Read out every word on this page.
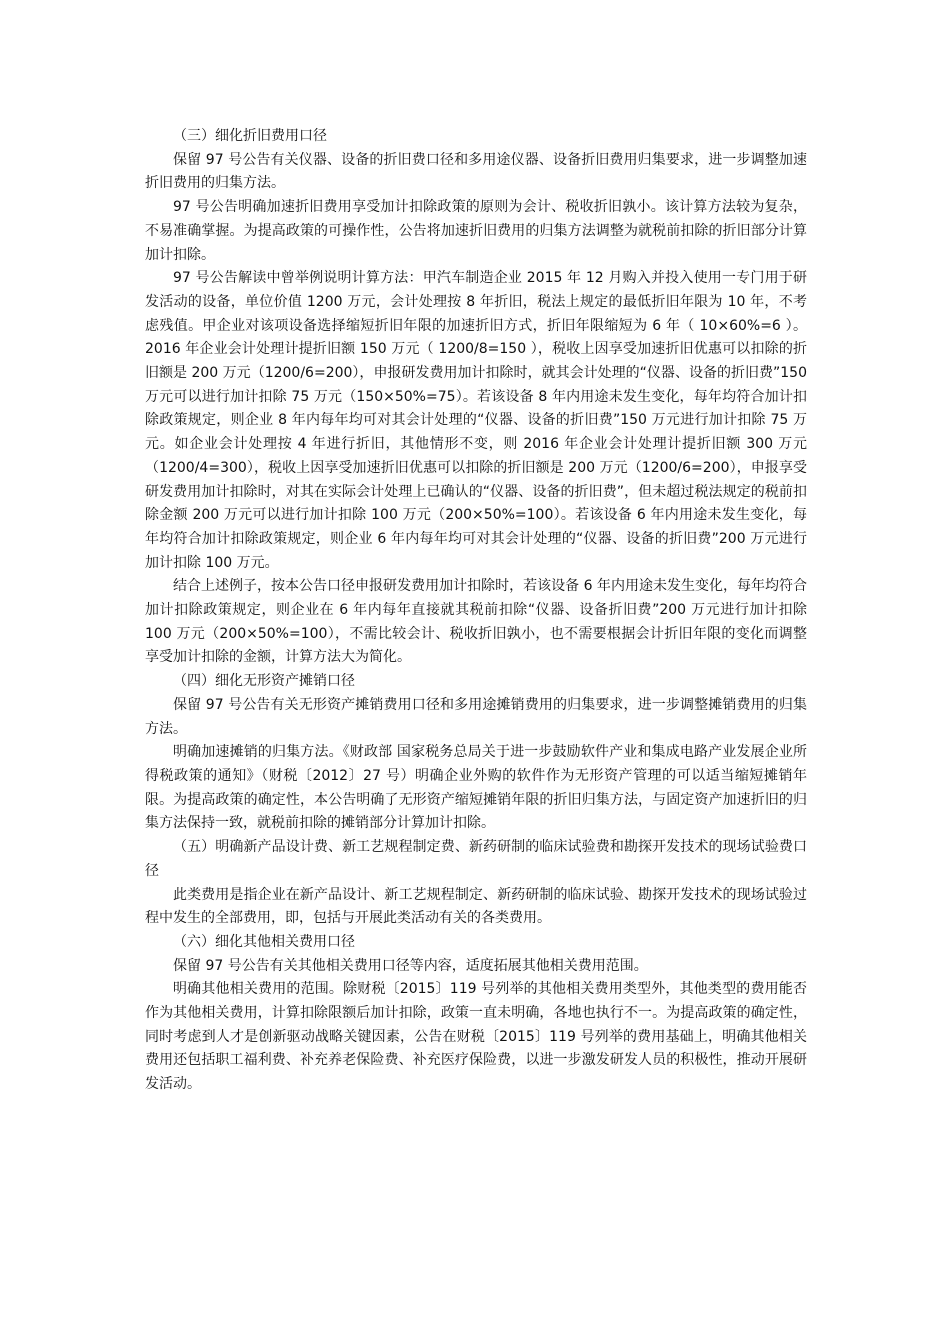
（三）细化折旧费用口径

保留 97 号公告有关仪器、设备的折旧费口径和多用途仪器、设备折旧费用归集要求，进一步调整加速折旧费用的归集方法。

97 号公告明确加速折旧费用享受加计扣除政策的原则为会计、税收折旧孰小。该计算方法较为复杂，不易准确掌握。为提高政策的可操作性，公告将加速折旧费用的归集方法调整为就税前扣除的折旧部分计算加计扣除。

97 号公告解读中曾举例说明计算方法：甲汽车制造企业 2015 年 12 月购入并投入使用一专门用于研发活动的设备，单位价值 1200 万元，会计处理按 8 年折旧，税法上规定的最低折旧年限为 10 年，不考虑残值。甲企业对该项设备选择缩短折旧年限的加速折旧方式，折旧年限缩短为 6 年（ 10×60%=6 ）。 2016 年企业会计处理计提折旧额 150 万元（ 1200/8=150 ），税收上因享受加速折旧优惠可以扣除的折旧额是 200 万元（1200/6=200），申报研发费用加计扣除时，就其会计处理的“仪器、设备的折旧费”150 万元可以进行加计扣除 75 万元（150×50%=75）。若该设备 8 年内用途未发生变化，每年均符合加计扣除政策规定，则企业 8 年内每年均可对其会计处理的“仪器、设备的折旧费”150 万元进行加计扣除 75 万元。如企业会计处理按 4 年进行折旧，其他情形不变，则 2016 年企业会计处理计提折旧额 300 万元（1200/4=300），税收上因享受加速折旧优惠可以扣除的折旧额是 200 万元（1200/6=200），申报享受研发费用加计扣除时，对其在实际会计处理上已确认的“仪器、设备的折旧费”，但未超过税法规定的税前扣除金额 200 万元可以进行加计扣除 100 万元（200×50%=100）。若该设备 6 年内用途未发生变化，每年均符合加计扣除政策规定，则企业 6 年内每年均可对其会计处理的“仪器、设备的折旧费”200 万元进行加计扣除 100 万元。

结合上述例子，按本公告口径申报研发费用加计扣除时，若该设备 6 年内用途未发生变化，每年均符合加计扣除政策规定，则企业在 6 年内每年直接就其税前扣除“仪器、设备折旧费”200 万元进行加计扣除 100 万元（200×50%=100），不需比较会计、税收折旧孰小，也不需要根据会计折旧年限的变化而调整享受加计扣除的金额，计算方法大为简化。

（四）细化无形资产摊销口径

保留 97 号公告有关无形资产摊销费用口径和多用途摊销费用的归集要求，进一步调整摊销费用的归集方法。

明确加速摊销的归集方法。《财政部 国家税务总局关于进一步鼓励软件产业和集成电路产业发展企业所得税政策的通知》（财税〔2012〕27 号）明确企业外购的软件作为无形资产管理的可以适当缩短摊销年限。为提高政策的确定性，本公告明确了无形资产缩短摊销年限的折旧归集方法，与固定资产加速折旧的归集方法保持一致，就税前扣除的摊销部分计算加计扣除。

（五）明确新产品设计费、新工艺规程制定费、新药研制的临床试验费和勘探开发技术的现场试验费口径

此类费用是指企业在新产品设计、新工艺规程制定、新药研制的临床试验、勘探开发技术的现场试验过程中发生的全部费用，即，包括与开展此类活动有关的各类费用。

（六）细化其他相关费用口径

保留 97 号公告有关其他相关费用口径等内容，适度拓展其他相关费用范围。

明确其他相关费用的范围。除财税〔2015〕119 号列举的其他相关费用类型外，其他类型的费用能否作为其他相关费用，计算扣除限额后加计扣除，政策一直未明确，各地也执行不一。为提高政策的确定性，同时考虑到人才是创新驱动战略关键因素，公告在财税〔2015〕119 号列举的费用基础上，明确其他相关费用还包括职工福利费、补充养老保险费、补充医疗保险费，以进一步激发研发人员的积极性，推动开展研发活动。
